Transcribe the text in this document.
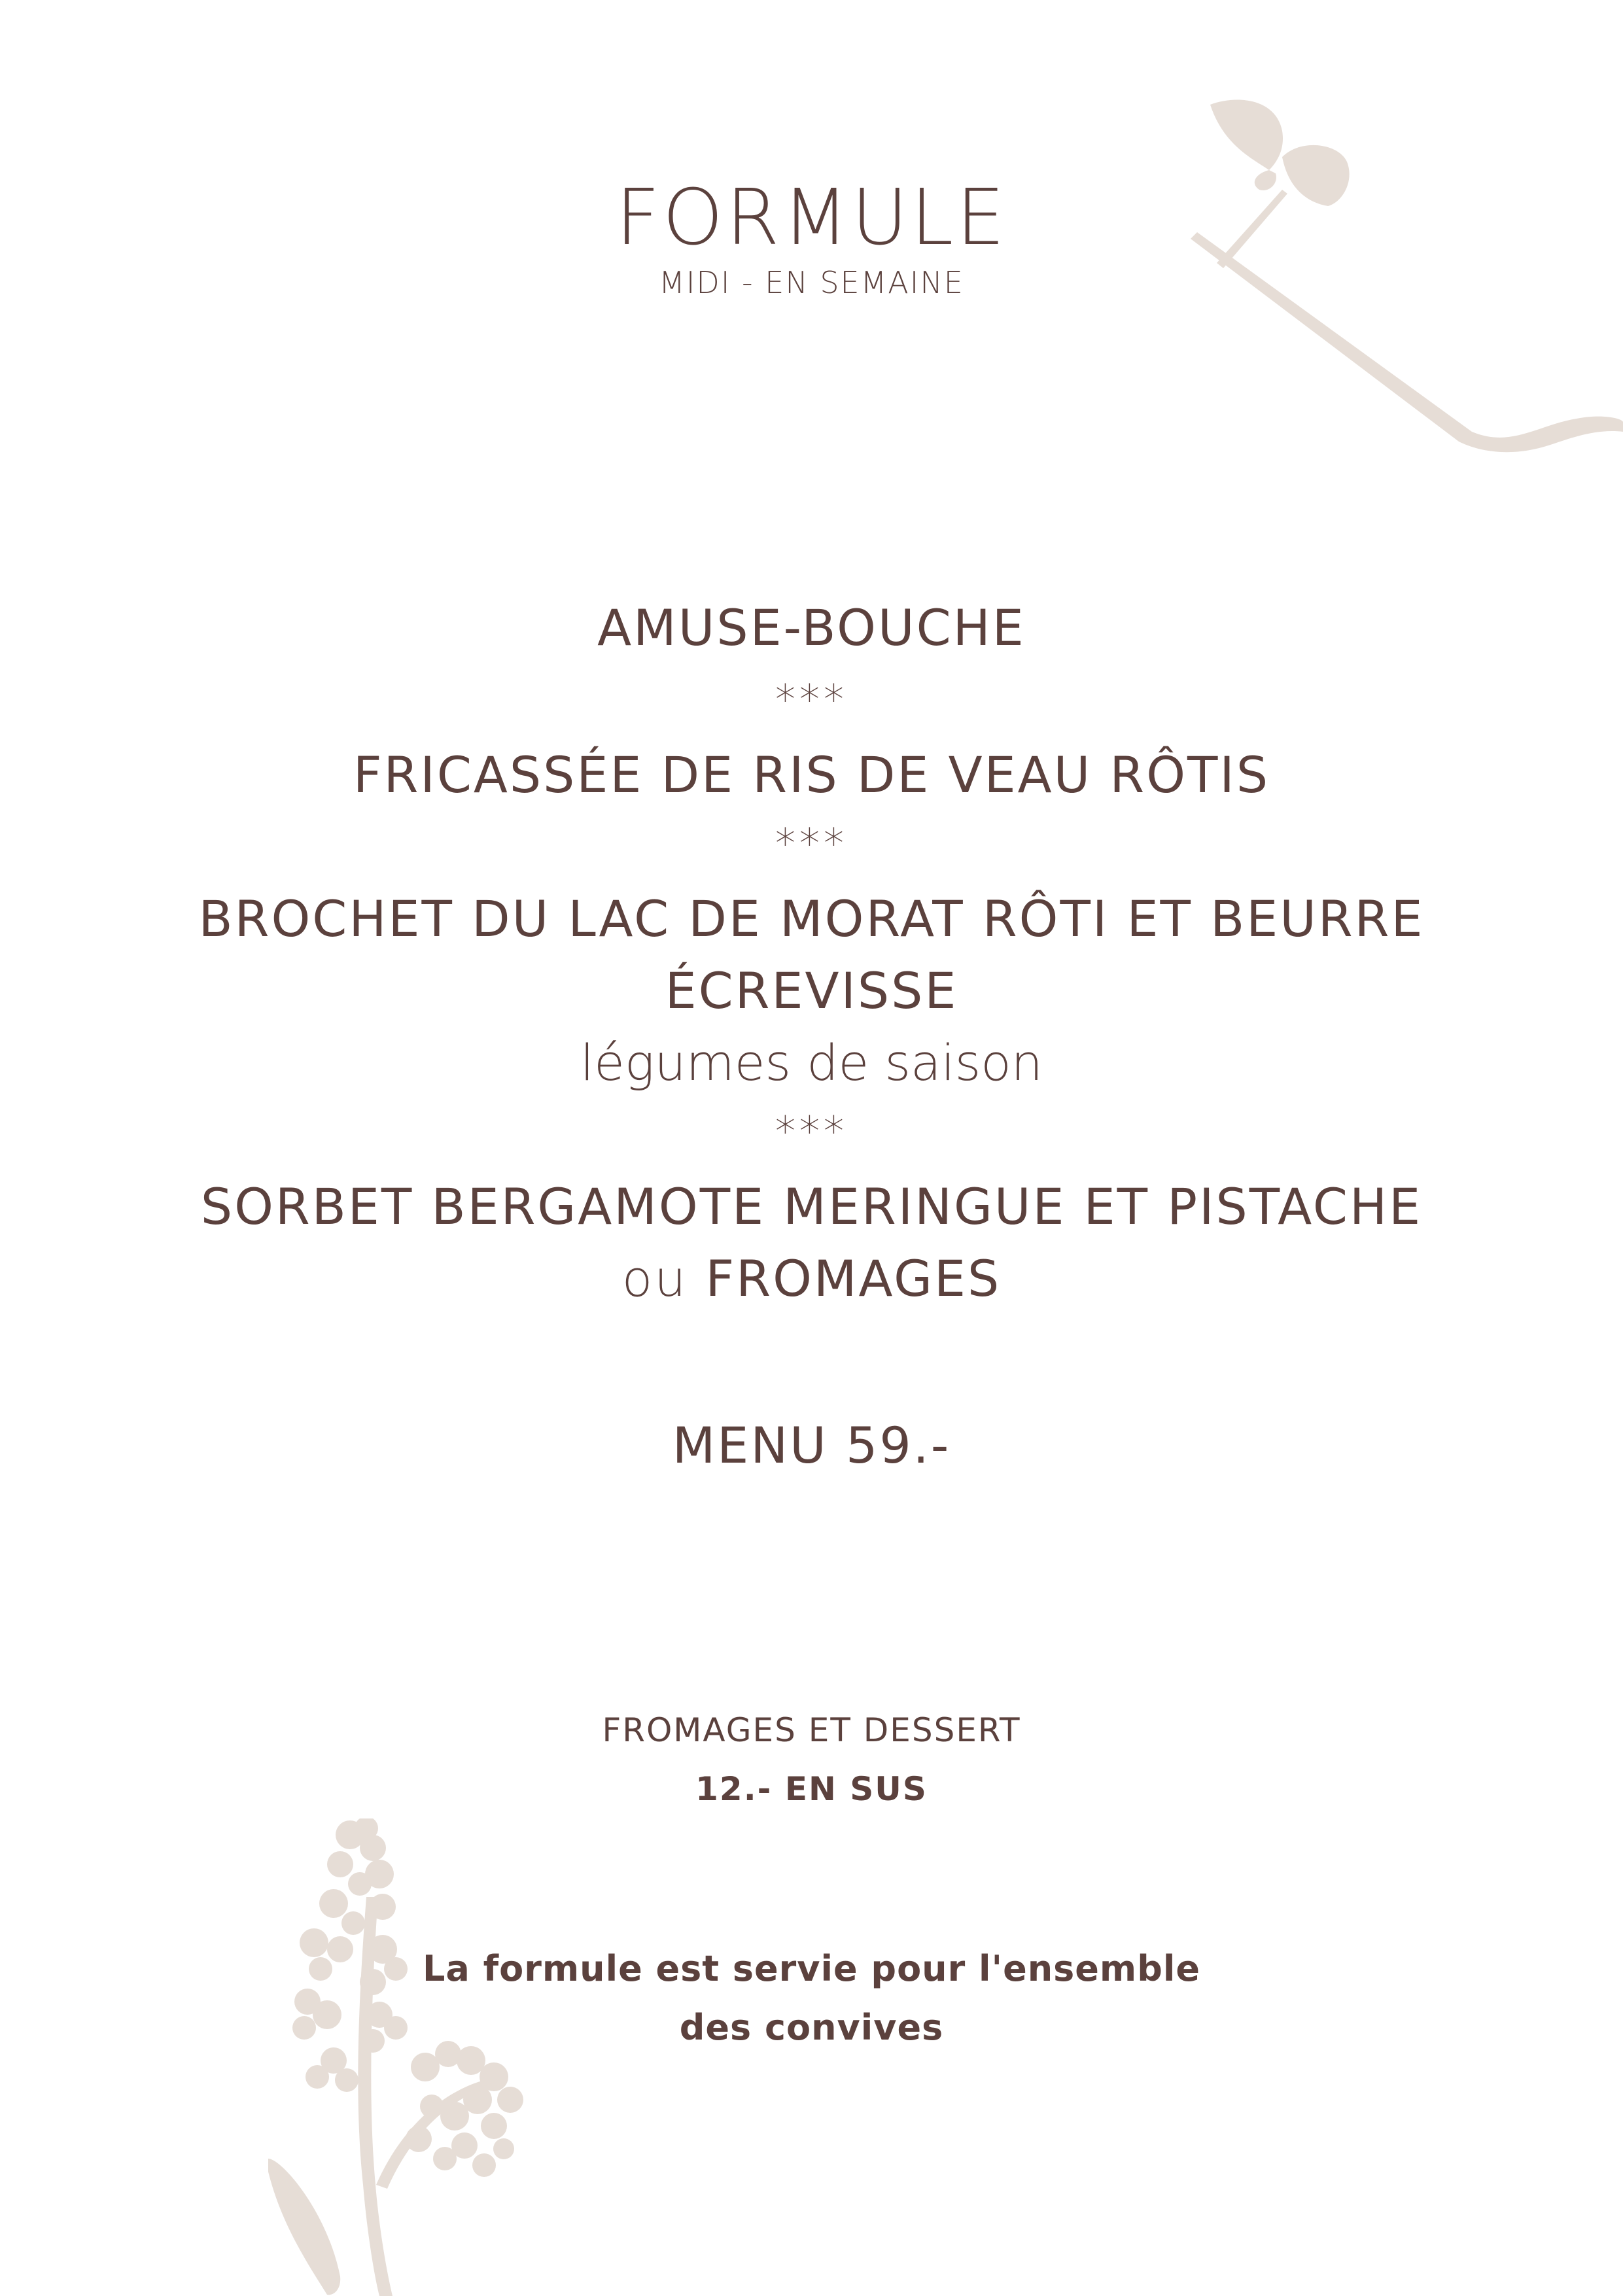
FORMULE
MIDI - EN SEMAINE
AMUSE-BOUCHE
***
FRICASSÉE DE RIS DE VEAU RÔTIS
***
BROCHET DU LAC DE MORAT RÔTI ET BEURRE
ÉCREVISSE
légumes de saison
***
SORBET BERGAMOTE MERINGUE ET PISTACHE
ou FROMAGES
MENU 59.-
FROMAGES ET DESSERT
12.- EN SUS
La formule est servie pour l'ensemble
des convives
